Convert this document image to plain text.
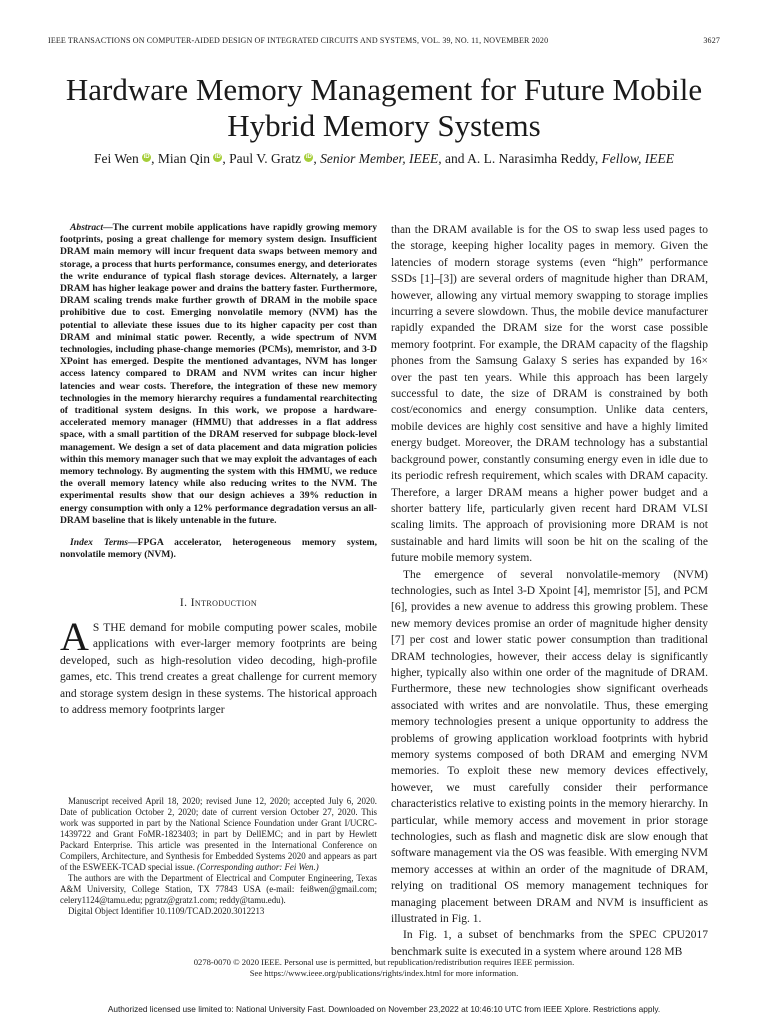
IEEE TRANSACTIONS ON COMPUTER-AIDED DESIGN OF INTEGRATED CIRCUITS AND SYSTEMS, VOL. 39, NO. 11, NOVEMBER 2020	3627
Hardware Memory Management for Future Mobile Hybrid Memory Systems
Fei Wen iD , Mian Qin iD , Paul V. Gratz iD , Senior Member, IEEE, and A. L. Narasimha Reddy, Fellow, IEEE

Abstract—The current mobile applications have rapidly growing memory footprints, posing a great challenge for memory system design. Insufficient DRAM main memory will incur frequent data swaps between memory and storage, a process that hurts performance, consumes energy, and deteriorates the write endurance of typical flash storage devices. Alternately, a larger DRAM has higher leakage power and drains the battery faster. Furthermore, DRAM scaling trends make further growth of DRAM in the mobile space prohibitive due to cost. Emerging nonvolatile memory (NVM) has the potential to alleviate these issues due to its higher capacity per cost than DRAM and minimal static power. Recently, a wide spectrum of NVM technologies, including phase-change memories (PCMs), memristor, and 3-D XPoint has emerged. Despite the mentioned advantages, NVM has longer access latency compared to DRAM and NVM writes can incur higher latencies and wear costs. Therefore, the integration of these new memory technologies in the memory hierarchy requires a fundamental rearchitecting of traditional system designs. In this work, we propose a hardware-accelerated memory manager (HMMU) that addresses in a flat address space, with a small partition of the DRAM reserved for subpage block-level management. We design a set of data placement and data migration policies within this memory manager such that we may exploit the advantages of each memory technology. By augmenting the system with this HMMU, we reduce the overall memory latency while also reducing writes to the NVM. The experimental results show that our design achieves a 39% reduction in energy consumption with only a 12% performance degradation versus an all-DRAM baseline that is likely untenable in the future.

Index Terms—FPGA accelerator, heterogeneous memory system, nonvolatile memory (NVM).

I. Introduction

A S THE demand for mobile computing power scales, mobile applications with ever-larger memory footprints are being developed, such as high-resolution video decoding, high-profile games, etc. This trend creates a great challenge for current memory and storage system design in these systems. The historical approach to address memory footprints larger

Manuscript received April 18, 2020; revised June 12, 2020; accepted July 6, 2020. Date of publication October 2, 2020; date of current version October 27, 2020. This work was supported in part by the National Science Foundation under Grant I/UCRC-1439722 and Grant FoMR-1823403; in part by DellEMC; and in part by Hewlett Packard Enterprise. This article was presented in the International Conference on Compilers, Architecture, and Synthesis for Embedded Systems 2020 and appears as part of the ESWEEK-TCAD special issue. (Corresponding author: Fei Wen.)

The authors are with the Department of Electrical and Computer Engineering, Texas A&M University, College Station, TX 77843 USA (e-mail: fei8wen@gmail.com; celery1124@tamu.edu; pgratz@gratz1.com; reddy@tamu.edu).

Digital Object Identifier 10.1109/TCAD.2020.3012213

than the DRAM available is for the OS to swap less used pages to the storage, keeping higher locality pages in memory. Given the latencies of modern storage systems (even “high” performance SSDs [1]–[3]) are several orders of magnitude higher than DRAM, however, allowing any virtual memory swapping to storage implies incurring a severe slowdown. Thus, the mobile device manufacturer rapidly expanded the DRAM size for the worst case possible memory footprint. For example, the DRAM capacity of the flagship phones from the Samsung Galaxy S series has expanded by 16× over the past ten years. While this approach has been largely successful to date, the size of DRAM is constrained by both cost/economics and energy consumption. Unlike data centers, mobile devices are highly cost sensitive and have a highly limited energy budget. Moreover, the DRAM technology has a substantial background power, constantly consuming energy even in idle due to its periodic refresh requirement, which scales with DRAM capacity. Therefore, a larger DRAM means a higher power budget and a shorter battery life, particularly given recent hard DRAM VLSI scaling limits. The approach of provisioning more DRAM is not sustainable and hard limits will soon be hit on the scaling of the future mobile memory system.

The emergence of several nonvolatile-memory (NVM) technologies, such as Intel 3-D Xpoint [4], memristor [5], and PCM [6], provides a new avenue to address this growing problem. These new memory devices promise an order of magnitude higher density [7] per cost and lower static power consumption than traditional DRAM technologies, however, their access delay is significantly higher, typically also within one order of the magnitude of DRAM. Furthermore, these new technologies show significant overheads associated with writes and are nonvolatile. Thus, these emerging memory technologies present a unique opportunity to address the problems of growing application workload footprints with hybrid memory systems composed of both DRAM and emerging NVM memories. To exploit these new memory devices effectively, however, we must carefully consider their performance characteristics relative to existing points in the memory hierarchy. In particular, while memory access and movement in prior storage technologies, such as flash and magnetic disk are slow enough that software management via the OS was feasible. With emerging NVM memory accesses at within an order of the magnitude of DRAM, relying on traditional OS memory management techniques for managing placement between DRAM and NVM is insufficient as illustrated in Fig. 1.

In Fig. 1, a subset of benchmarks from the SPEC CPU2017 benchmark suite is executed in a system where around 128 MB

0278-0070 © 2020 IEEE. Personal use is permitted, but republication/redistribution requires IEEE permission.
See https://www.ieee.org/publications/rights/index.html for more information.
Authorized licensed use limited to: National University Fast. Downloaded on November 23,2022 at 10:46:10 UTC from IEEE Xplore. Restrictions apply.
